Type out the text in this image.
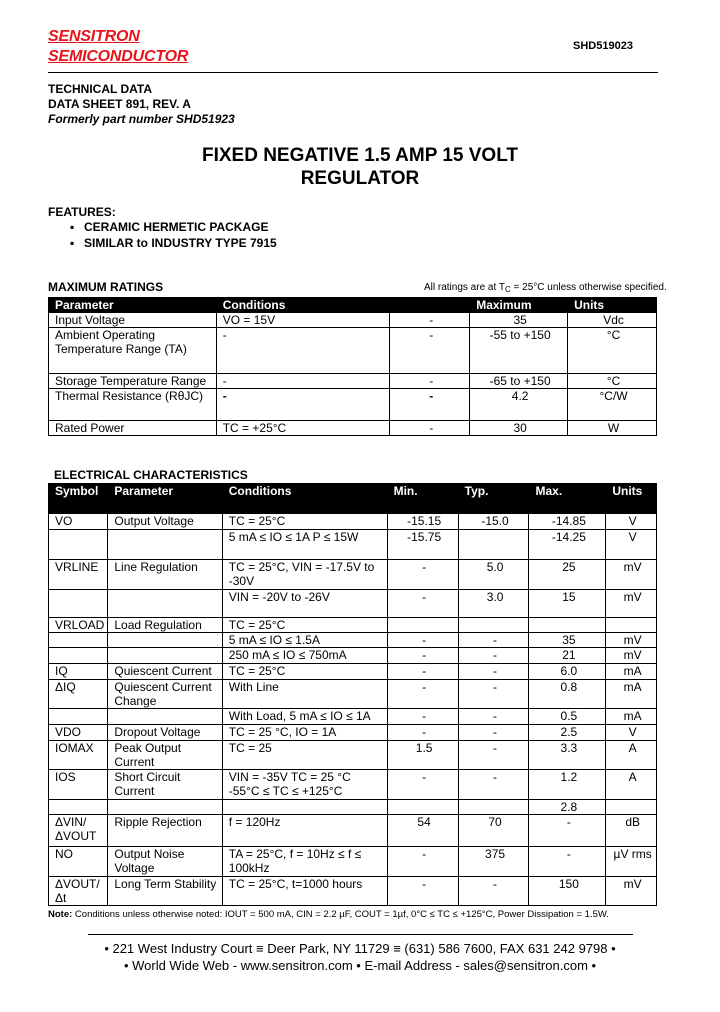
SENSITRON
SEMICONDUCTOR
SHD519023
TECHNICAL DATA
DATA SHEET 891, REV. A
Formerly part number SHD51923
FIXED NEGATIVE 1.5 AMP 15 VOLT
REGULATOR
FEATURES:
▪ CERAMIC HERMETIC PACKAGE
▪ SIMILAR to INDUSTRY TYPE 7915
MAXIMUM RATINGS	All ratings are at $T_C = 25^\circ C$ unless otherwise specified.
Parameter	Conditions		Maximum	Units
Input Voltage	VO = 15V	-	35	Vdc
Ambient Operating Temperature Range (TA)	-	-	-55 to +150	°C
Storage Temperature Range	-	-	-65 to +150	°C
Thermal Resistance (RθJC)	-	-	4.2	°C/W
Rated Power	TC = +25°C	-	30	W
ELECTRICAL CHARACTERISTICS
Symbol	Parameter	Conditions	Min.	Typ.	Max.	Units
VO	Output Voltage	TC = 25°C	-15.15	-15.0	-14.85	V
		5 mA ≤ IO ≤ 1A P ≤ 15W	-15.75		-14.25	V
VRLINE	Line Regulation	TC = 25°C, VIN = -17.5V to -30V	-	5.0	25	mV
		VIN = -20V to -26V	-	3.0	15	mV
VRLOAD	Load Regulation	TC = 25°C				
		5 mA ≤ IO ≤ 1.5A	-	-	35	mV
		250 mA ≤ IO ≤ 750mA	-	-	21	mV
IQ	Quiescent Current	TC = 25°C	-	-	6.0	mA
ΔIQ	Quiescent Current Change	With Line	-	-	0.8	mA
		With Load, 5 mA ≤ IO ≤ 1A	-	-	0.5	mA
VDO	Dropout Voltage	TC = 25 °C, IO = 1A	-	-	2.5	V
IOMAX	Peak Output Current	TC = 25	1.5	-	3.3	A
IOS	Short Circuit Current	VIN = -35V TC = 25 °C -55°C ≤ TC ≤ +125°C	-	-	1.2	A
					2.8	
ΔVIN/ΔVOUT	Ripple Rejection	f = 120Hz	54	70	-	dB
NO	Output Noise Voltage	TA = 25°C, f = 10Hz ≤ f ≤ 100kHz	-	375	-	µV rms
ΔVOUT/Δt	Long Term Stability	TC = 25°C, t=1000 hours	-	-	150	mV
Note: Conditions unless otherwise noted: IOUT = 500 mA, CIN = 2.2 µF, COUT = 1µf, 0°C ≤ TC ≤ +125°C, Power Dissipation = 1.5W.
• 221 West Industry Court ≡ Deer Park, NY 11729 ≡ (631) 586 7600, FAX 631 242 9798 •
• World Wide Web - www.sensitron.com • E-mail Address - sales@sensitron.com •
